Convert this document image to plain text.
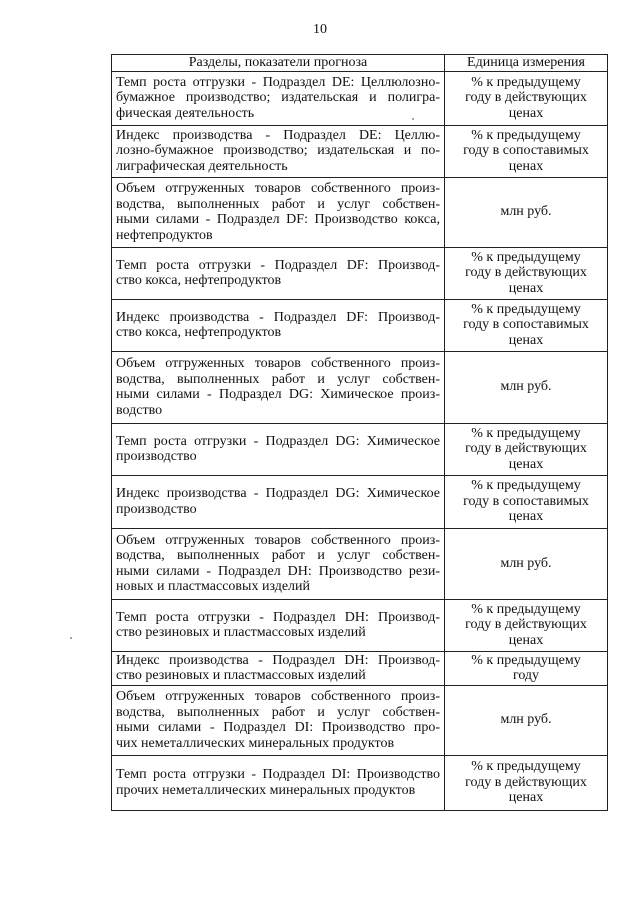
10
Разделы, показатели прогноза	Единица измерения

Темп роста отгрузки - Подраздел DE: Целлюлозно-
бумажное производство; издательская и полигра-
фическая деятельность	% к предыдущему
году в действующих
ценах

Индекс производства - Подраздел DE: Целлю-
лозно-бумажное производство; издательская и по-
лиграфическая деятельность	% к предыдущему
году в сопоставимых
ценах

Объем отгруженных товаров собственного произ-
водства, выполненных работ и услуг собствен-
ными силами - Подраздел DF: Производство кокса,
нефтепродуктов	млн руб.

Темп роста отгрузки - Подраздел DF: Производ-
ство кокса, нефтепродуктов	% к предыдущему
году в действующих
ценах

Индекс производства - Подраздел DF: Производ-
ство кокса, нефтепродуктов	% к предыдущему
году в сопоставимых
ценах

Объем отгруженных товаров собственного произ-
водства, выполненных работ и услуг собствен-
ными силами - Подраздел DG: Химическое произ-
водство	млн руб.

Темп роста отгрузки - Подраздел DG: Химическое
производство	% к предыдущему
году в действующих
ценах

Индекс производства - Подраздел DG: Химическое
производство	% к предыдущему
году в сопоставимых
ценах

Объем отгруженных товаров собственного произ-
водства, выполненных работ и услуг собствен-
ными силами - Подраздел DH: Производство рези-
новых и пластмассовых изделий	млн руб.

Темп роста отгрузки - Подраздел DH: Производ-
ство резиновых и пластмассовых изделий	% к предыдущему
году в действующих
ценах

Индекс производства - Подраздел DH: Производ-
ство резиновых и пластмассовых изделий	% к предыдущему
году

Объем отгруженных товаров собственного произ-
водства, выполненных работ и услуг собствен-
ными силами - Подраздел DI: Производство про-
чих неметаллических минеральных продуктов	млн руб.

Темп роста отгрузки - Подраздел DI: Производство
прочих неметаллических минеральных продуктов	% к предыдущему
году в действующих
ценах
